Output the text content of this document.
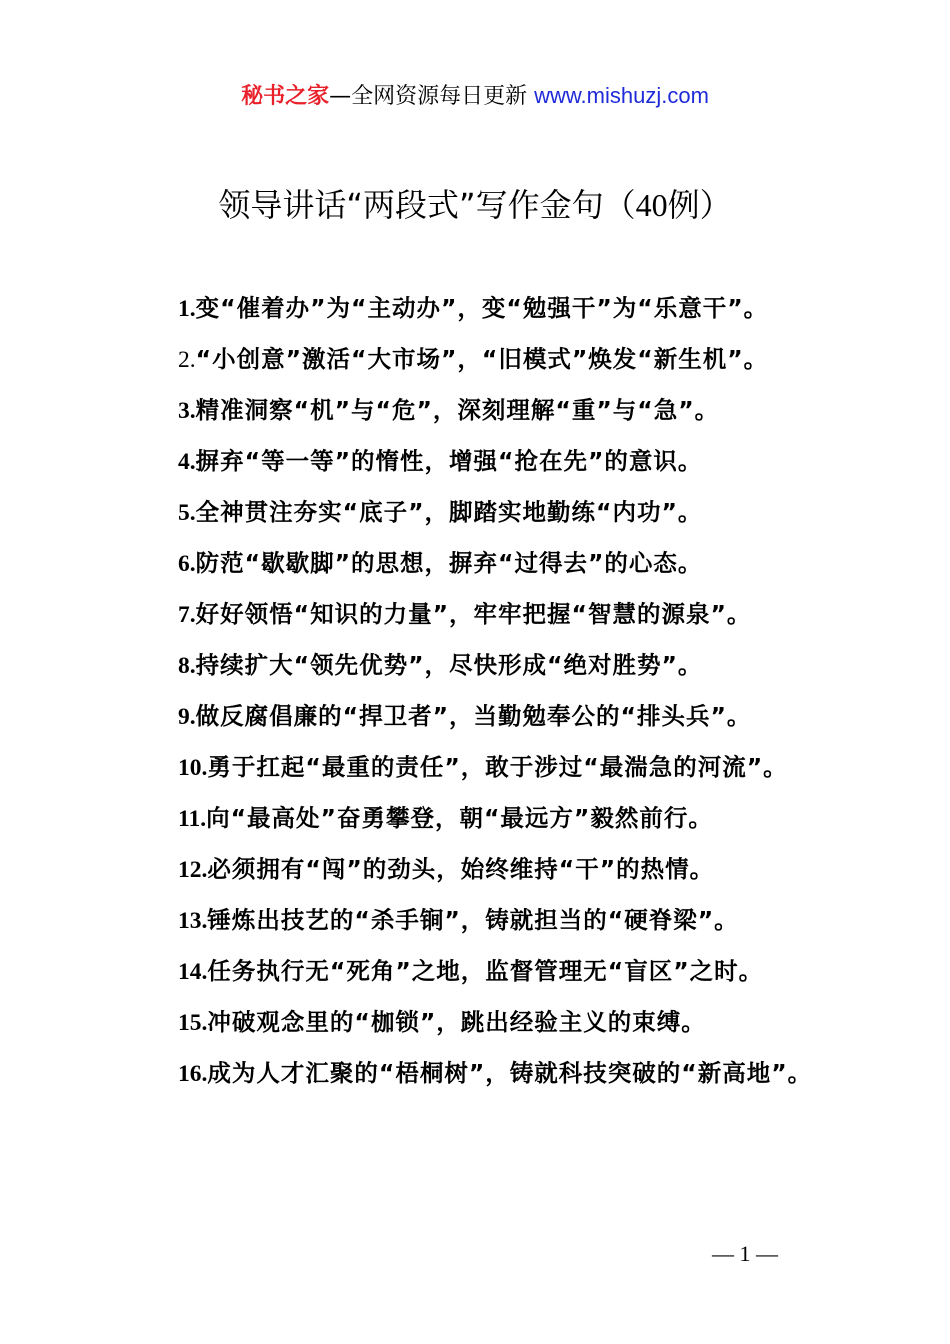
秘书之家—全网资源每日更新 www.mishuzj.com
领导讲话“两段式”写作金句（40例）

1.变“催着办”为“主动办”，变“勉强干”为“乐意干”。

2.“小创意”激活“大市场”，“旧模式”焕发“新生机”。

3.精准洞察“机”与“危”，深刻理解“重”与“急”。

4.摒弃“等一等”的惰性，增强“抢在先”的意识。

5.全神贯注夯实“底子”，脚踏实地勤练“内功”。

6.防范“歇歇脚”的思想，摒弃“过得去”的心态。

7.好好领悟“知识的力量”，牢牢把握“智慧的源泉”。

8.持续扩大“领先优势”，尽快形成“绝对胜势”。

9.做反腐倡廉的“捍卫者”，当勤勉奉公的“排头兵”。

10.勇于扛起“最重的责任”，敢于涉过“最湍急的河流”。

11.向“最高处”奋勇攀登，朝“最远方”毅然前行。

12.必须拥有“闯”的劲头，始终维持“干”的热情。

13.锤炼出技艺的“杀手锏”，铸就担当的“硬脊梁”。

14.任务执行无“死角”之地，监督管理无“盲区”之时。

15.冲破观念里的“枷锁”，跳出经验主义的束缚。

16.成为人才汇聚的“梧桐树”，铸就科技突破的“新高地”。

— 1 —
